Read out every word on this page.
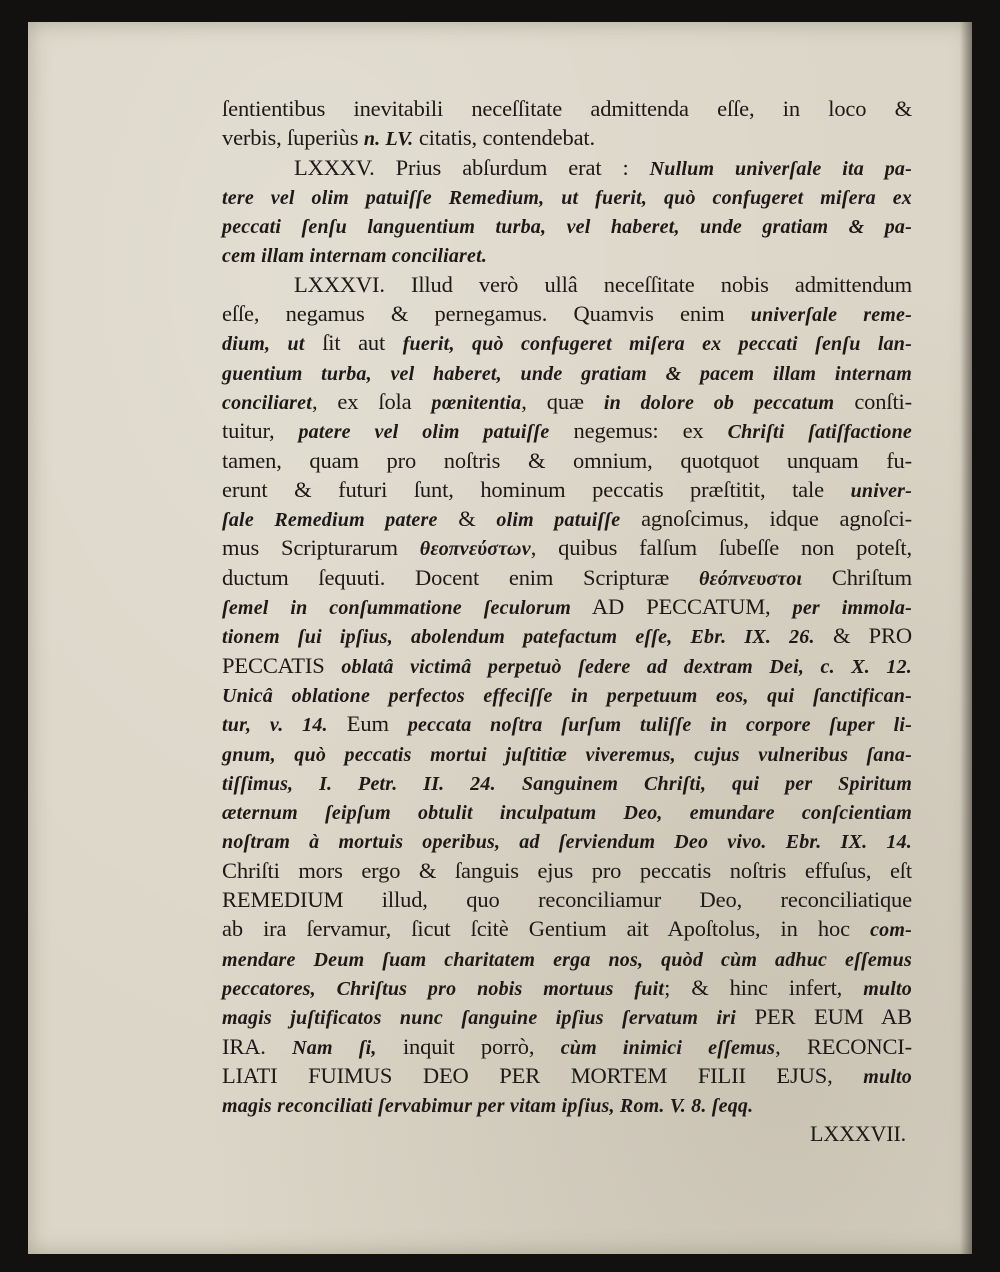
ſentientibus inevitabili neceſſitate admittenda eſſe, in loco &
verbis, ſuperiùs n. LV. citatis, contendebat.
LXXXV. Prius abſurdum erat : Nullum univerſale ita pa-
tere vel olim patuiſſe Remedium, ut fuerit, quò confugeret miſera ex
peccati ſenſu languentium turba, vel haberet, unde gratiam & pa-
cem illam internam conciliaret.
LXXXVI. Illud verò ullâ neceſſitate nobis admittendum
eſſe, negamus & pernegamus. Quamvis enim univerſale reme-
dium, ut ſit aut fuerit, quò confugeret miſera ex peccati ſenſu lan-
guentium turba, vel haberet, unde gratiam & pacem illam internam
conciliaret, ex ſola pœnitentia, quæ in dolore ob peccatum conſti-
tuitur, patere vel olim patuiſſe negemus: ex Chriſti ſatiſfactione
tamen, quam pro noſtris & omnium, quotquot unquam fu-
erunt & futuri ſunt, hominum peccatis præſtitit, tale univer-
ſale Remedium patere & olim patuiſſe agnoſcimus, idque agnoſci-
mus Scripturarum θεοπνεύστων, quibus falſum ſubeſſe non poteſt,
ductum ſequuti. Docent enim Scripturæ θεόπνευστοι Chriſtum
ſemel in conſummatione ſeculorum AD PECCATUM, per immola-
tionem ſui ipſius, abolendum patefactum eſſe, Ebr. IX. 26. & PRO
PECCATIS oblatâ victimâ perpetuò ſedere ad dextram Dei, c. X. 12.
Unicâ oblatione perfectos effeciſſe in perpetuum eos, qui ſanctifican-
tur, v. 14. Eum peccata noſtra ſurſum tuliſſe in corpore ſuper li-
gnum, quò peccatis mortui juſtitiæ viveremus, cujus vulneribus ſana-
tiſſimus, I. Petr. II. 24. Sanguinem Chriſti, qui per Spiritum
æternum ſeipſum obtulit inculpatum Deo, emundare conſcientiam
noſtram à mortuis operibus, ad ſerviendum Deo vivo. Ebr. IX. 14.
Chriſti mors ergo & ſanguis ejus pro peccatis noſtris effuſus, eſt
REMEDIUM illud, quo reconciliamur Deo, reconciliatique
ab ira ſervamur, ſicut ſcitè Gentium ait Apoſtolus, in hoc com-
mendare Deum ſuam charitatem erga nos, quòd cùm adhuc eſſemus
peccatores, Chriſtus pro nobis mortuus fuit; & hinc infert, multo
magis juſtificatos nunc ſanguine ipſius ſervatum iri PER EUM AB
IRA. Nam ſi, inquit porrò, cùm inimici eſſemus, RECONCI-
LIATI FUIMUS DEO PER MORTEM FILII EJUS, multo
magis reconciliati ſervabimur per vitam ipſius, Rom. V. 8. ſeqq.
LXXXVII.
